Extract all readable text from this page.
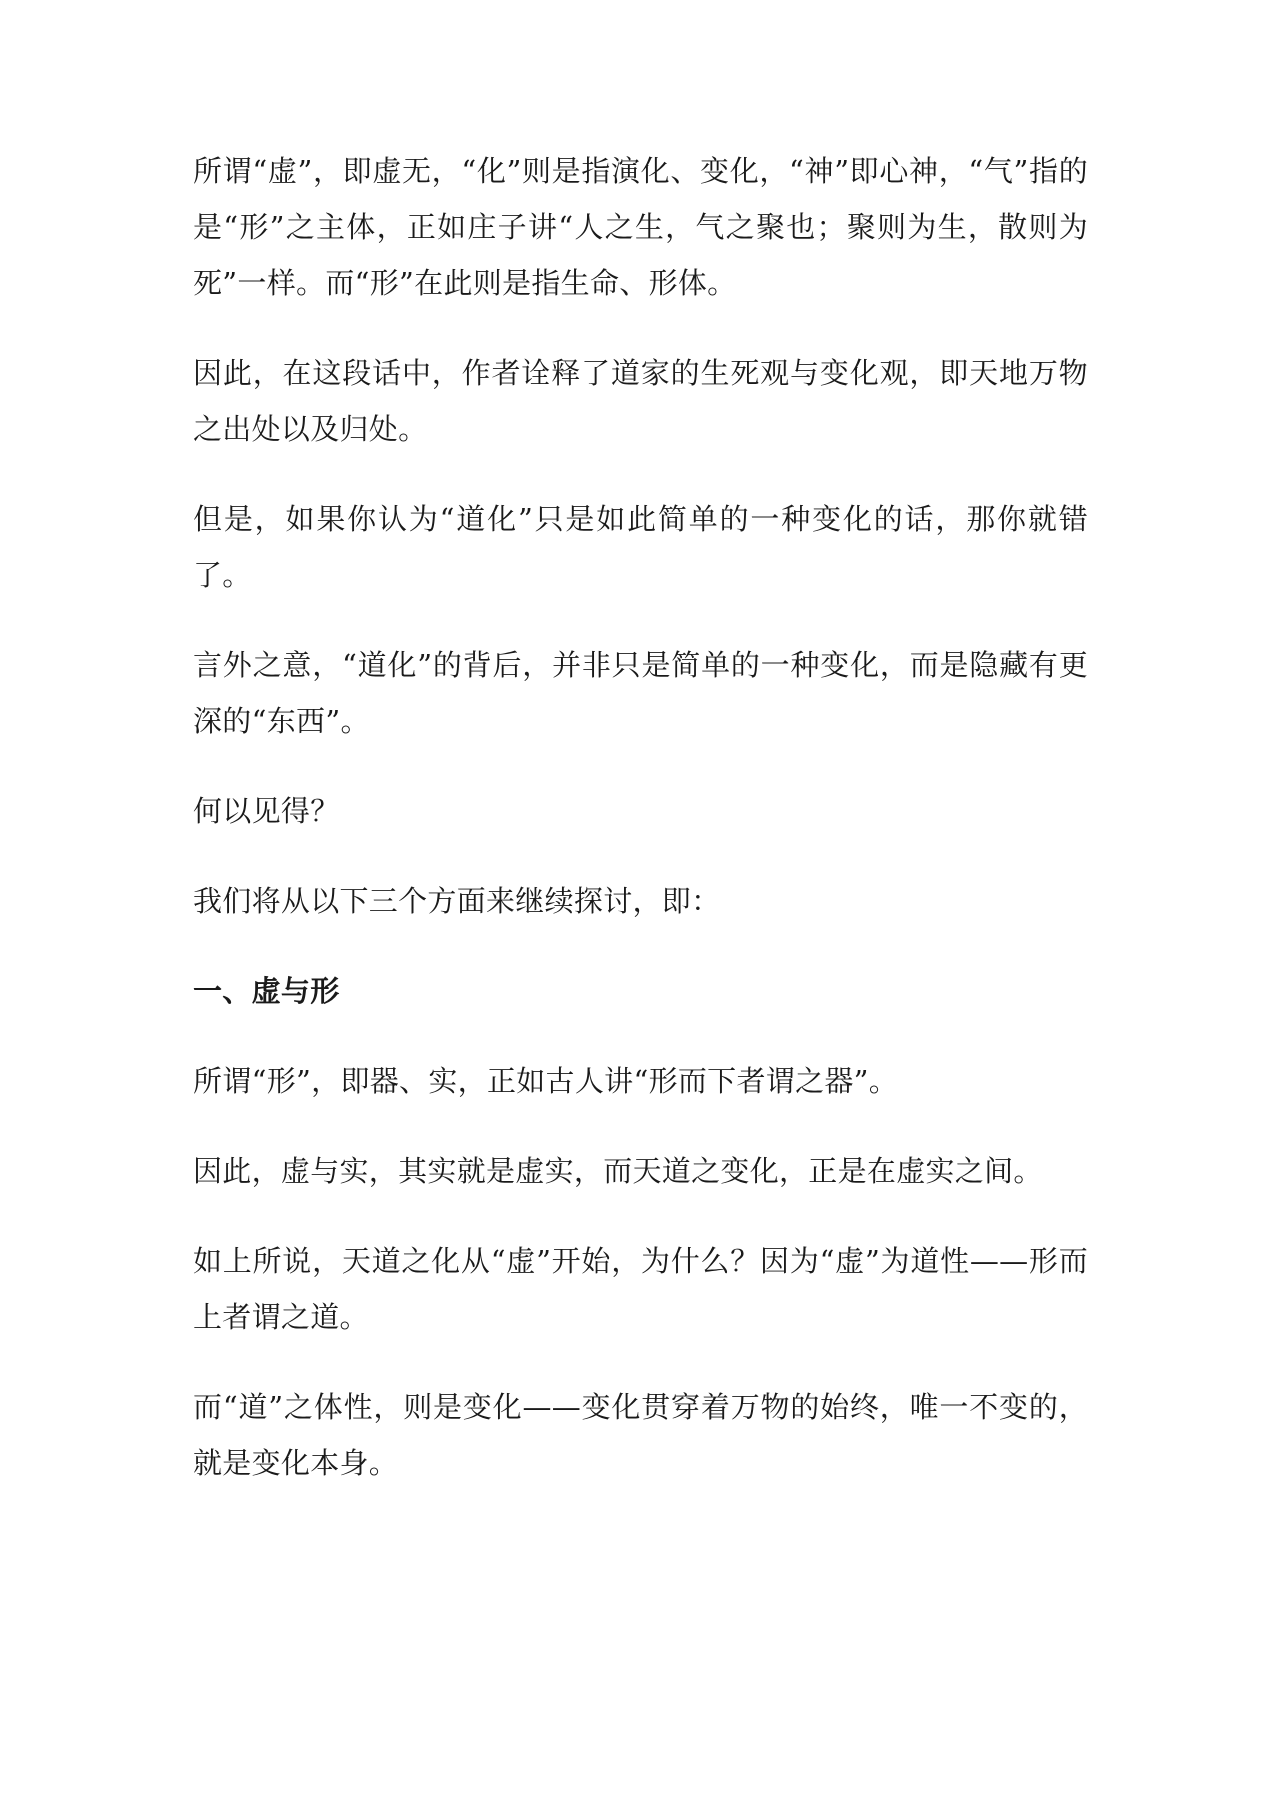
所谓“虚”，即虚无，“化”则是指演化、变化，“神”即心神，“气”指的是“形”之主体，正如庄子讲“人之生，气之聚也；聚则为生，散则为死”一样。而“形”在此则是指生命、形体。

因此，在这段话中，作者诠释了道家的生死观与变化观，即天地万物之出处以及归处。

但是，如果你认为“道化”只是如此简单的一种变化的话，那你就错了。

言外之意，“道化”的背后，并非只是简单的一种变化，而是隐藏有更深的“东西”。

何以见得？

我们将从以下三个方面来继续探讨，即：

一、虚与形

所谓“形”，即器、实，正如古人讲“形而下者谓之器”。

因此，虚与实，其实就是虚实，而天道之变化，正是在虚实之间。

如上所说，天道之化从“虚”开始，为什么？因为“虚”为道性——形而上者谓之道。

而“道”之体性，则是变化——变化贯穿着万物的始终，唯一不变的，就是变化本身。
